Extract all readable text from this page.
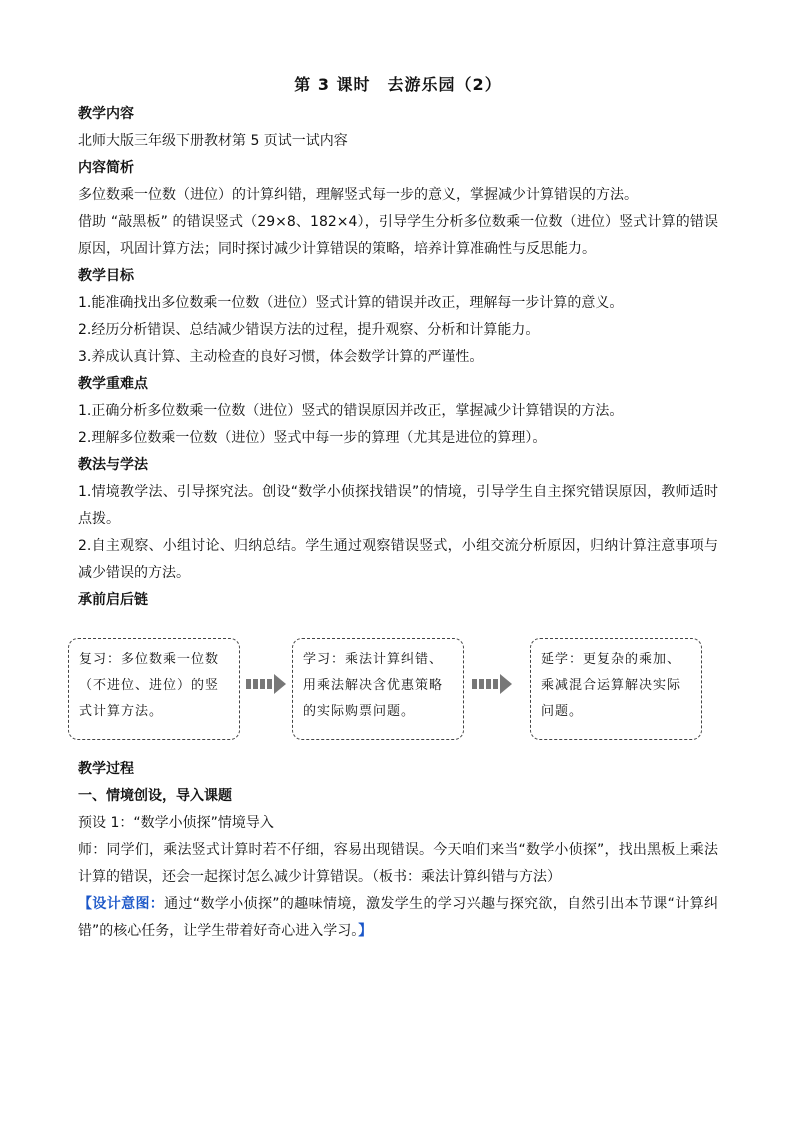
第 3 课时　去游乐园（2）

教学内容

北师大版三年级下册教材第 5 页试一试内容

内容简析

多位数乘一位数（进位）的计算纠错，理解竖式每一步的意义，掌握减少计算错误的方法。

借助 “敲黑板” 的错误竖式（29×8、182×4），引导学生分析多位数乘一位数（进位）竖式计算的错误原因，巩固计算方法；同时探讨减少计算错误的策略，培养计算准确性与反思能力。

教学目标

1.能准确找出多位数乘一位数（进位）竖式计算的错误并改正，理解每一步计算的意义。

2.经历分析错误、总结减少错误方法的过程，提升观察、分析和计算能力。

3.养成认真计算、主动检查的良好习惯，体会数学计算的严谨性。

教学重难点

1.正确分析多位数乘一位数（进位）竖式的错误原因并改正，掌握减少计算错误的方法。

2.理解多位数乘一位数（进位）竖式中每一步的算理（尤其是进位的算理）。

教法与学法

1.情境教学法、引导探究法。创设“数学小侦探找错误”的情境，引导学生自主探究错误原因，教师适时点拨。

2.自主观察、小组讨论、归纳总结。学生通过观察错误竖式，小组交流分析原因，归纳计算注意事项与减少错误的方法。

承前启后链

复习：多位数乘一位数（不进位、进位）的竖式计算方法。
学习：乘法计算纠错、用乘法解决含优惠策略的实际购票问题。
延学：更复杂的乘加、乘减混合运算解决实际问题。

教学过程

一、情境创设，导入课题

预设 1：“数学小侦探”情境导入

师：同学们，乘法竖式计算时若不仔细，容易出现错误。今天咱们来当“数学小侦探”，找出黑板上乘法计算的错误，还会一起探讨怎么减少计算错误。（板书：乘法计算纠错与方法）

【设计意图：通过“数学小侦探”的趣味情境，激发学生的学习兴趣与探究欲，自然引出本节课“计算纠错”的核心任务，让学生带着好奇心进入学习。】
